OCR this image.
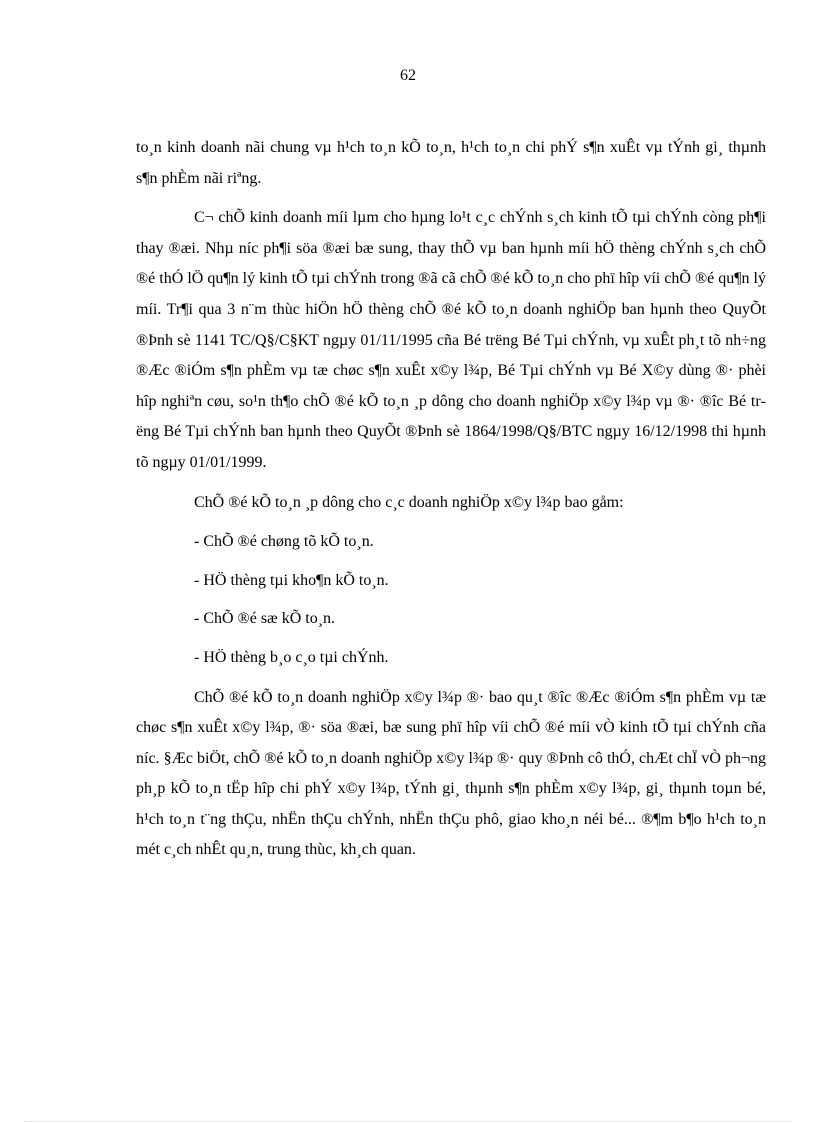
62

to¸n kinh doanh nãi chung vµ h¹ch to¸n kÕ to¸n, h¹ch to¸n chi phÝ s¶n xuÊt vµ tÝnh gi¸ thµnh s¶n phÈm nãi riªng.

C¬ chÕ kinh doanh míi lµm cho hµng lo¹t c¸c chÝnh s¸ch kinh tÕ tµi chÝnh còng ph¶i thay ®æi. Nhµ níc ph¶i söa ®æi bæ sung, thay thÕ vµ ban hµnh míi hÖ thèng chÝnh s¸ch chÕ ®é thÓ lÖ qu¶n lý kinh tÕ tµi chÝnh trong ®ã cã chÕ ®é kÕ to¸n cho phï hîp víi chÕ ®é qu¶n lý míi. Tr¶i qua 3 n¨m thùc hiÖn hÖ thèng chÕ ®é kÕ to¸n doanh nghiÖp ban hµnh theo QuyÕt ®Þnh sè 1141 TC/Q§/C§KT ngµy 01/11/1995 cña Bé trëng Bé Tµi chÝnh, vµ xuÊt ph¸t tõ nh÷ng ®Æc ®iÓm s¶n phÈm vµ tæ chøc s¶n xuÊt x©y l¾p, Bé Tµi chÝnh vµ Bé X©y dùng ®· phèi hîp nghiªn cøu, so¹n th¶o chÕ ®é kÕ to¸n ¸p dông cho doanh nghiÖp x©y l¾p vµ ®· ®îc Bé trëng Bé Tµi chÝnh ban hµnh theo QuyÕt ®Þnh sè 1864/1998/Q§/BTC ngµy 16/12/1998 thi hµnh tõ ngµy 01/01/1999.

ChÕ ®é kÕ to¸n ¸p dông cho c¸c doanh nghiÖp x©y l¾p bao gåm:

- ChÕ ®é chøng tõ kÕ to¸n.
- HÖ thèng tµi kho¶n kÕ to¸n.
- ChÕ ®é sæ kÕ to¸n.
- HÖ thèng b¸o c¸o tµi chÝnh.

ChÕ ®é kÕ to¸n doanh nghiÖp x©y l¾p ®· bao qu¸t ®îc ®Æc ®iÓm s¶n phÈm vµ tæ chøc s¶n xuÊt x©y l¾p, ®· söa ®æi, bæ sung phï hîp víi chÕ ®é míi vÒ kinh tÕ tµi chÝnh cña níc. §Æc biÖt, chÕ ®é kÕ to¸n doanh nghiÖp x©y l¾p ®· quy ®Þnh cô thÓ, chÆt chÏ vÒ ph¬ng ph¸p kÕ to¸n tËp hîp chi phÝ x©y l¾p, tÝnh gi¸ thµnh s¶n phÈm x©y l¾p, gi¸ thµnh toµn bé, h¹ch to¸n t¨ng thÇu, nhËn thÇu chÝnh, nhËn thÇu phô, giao kho¸n néi bé... ®¶m b¶o h¹ch to¸n mét c¸ch nhÊt qu¸n, trung thùc, kh¸ch quan.
